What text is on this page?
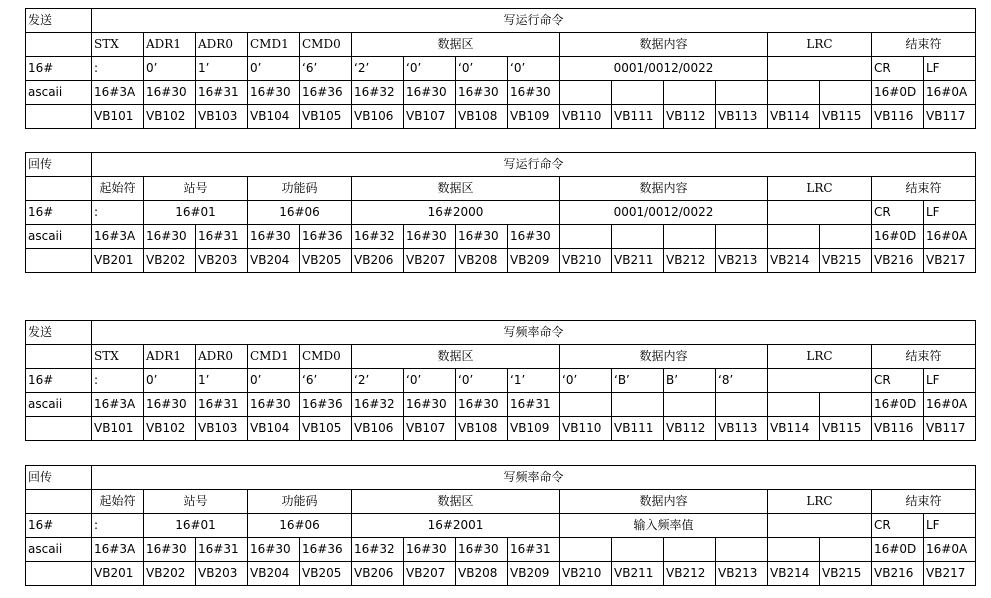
发送	写运行命令																
	STX	ADR1	ADR0	CMD1	CMD0	数据区				数据内容				LRC		结束符	
16#	:	0’	1’	0’	‘6’	‘2’	‘0’	‘0’	‘0’	0001/0012/0022						CR	LF
ascaii	16#3A	16#30	16#31	16#30	16#36	16#32	16#30	16#30	16#30							16#0D	16#0A
	VB101	VB102	VB103	VB104	VB105	VB106	VB107	VB108	VB109	VB110	VB111	VB112	VB113	VB114	VB115	VB116	VB117
回传	写运行命令																
	起始符	站号		功能码		数据区				数据内容				LRC		结束符	
16#	:	16#01		16#06		16#2000				0001/0012/0022						CR	LF
ascaii	16#3A	16#30	16#31	16#30	16#36	16#32	16#30	16#30	16#30							16#0D	16#0A
	VB201	VB202	VB203	VB204	VB205	VB206	VB207	VB208	VB209	VB210	VB211	VB212	VB213	VB214	VB215	VB216	VB217
发送	写频率命令																
	STX	ADR1	ADR0	CMD1	CMD0	数据区				数据内容				LRC		结束符	
16#	:	0’	1’	0’	‘6’	‘2’	‘0’	‘0’	‘1’	‘0’	‘B’	B’	‘8’			CR	LF
ascaii	16#3A	16#30	16#31	16#30	16#36	16#32	16#30	16#30	16#31							16#0D	16#0A
	VB101	VB102	VB103	VB104	VB105	VB106	VB107	VB108	VB109	VB110	VB111	VB112	VB113	VB114	VB115	VB116	VB117
回传	写频率命令																
	起始符	站号		功能码		数据区				数据内容				LRC		结束符	
16#	:	16#01		16#06		16#2001				输入频率值						CR	LF
ascaii	16#3A	16#30	16#31	16#30	16#36	16#32	16#30	16#30	16#31							16#0D	16#0A
	VB201	VB202	VB203	VB204	VB205	VB206	VB207	VB208	VB209	VB210	VB211	VB212	VB213	VB214	VB215	VB216	VB217
